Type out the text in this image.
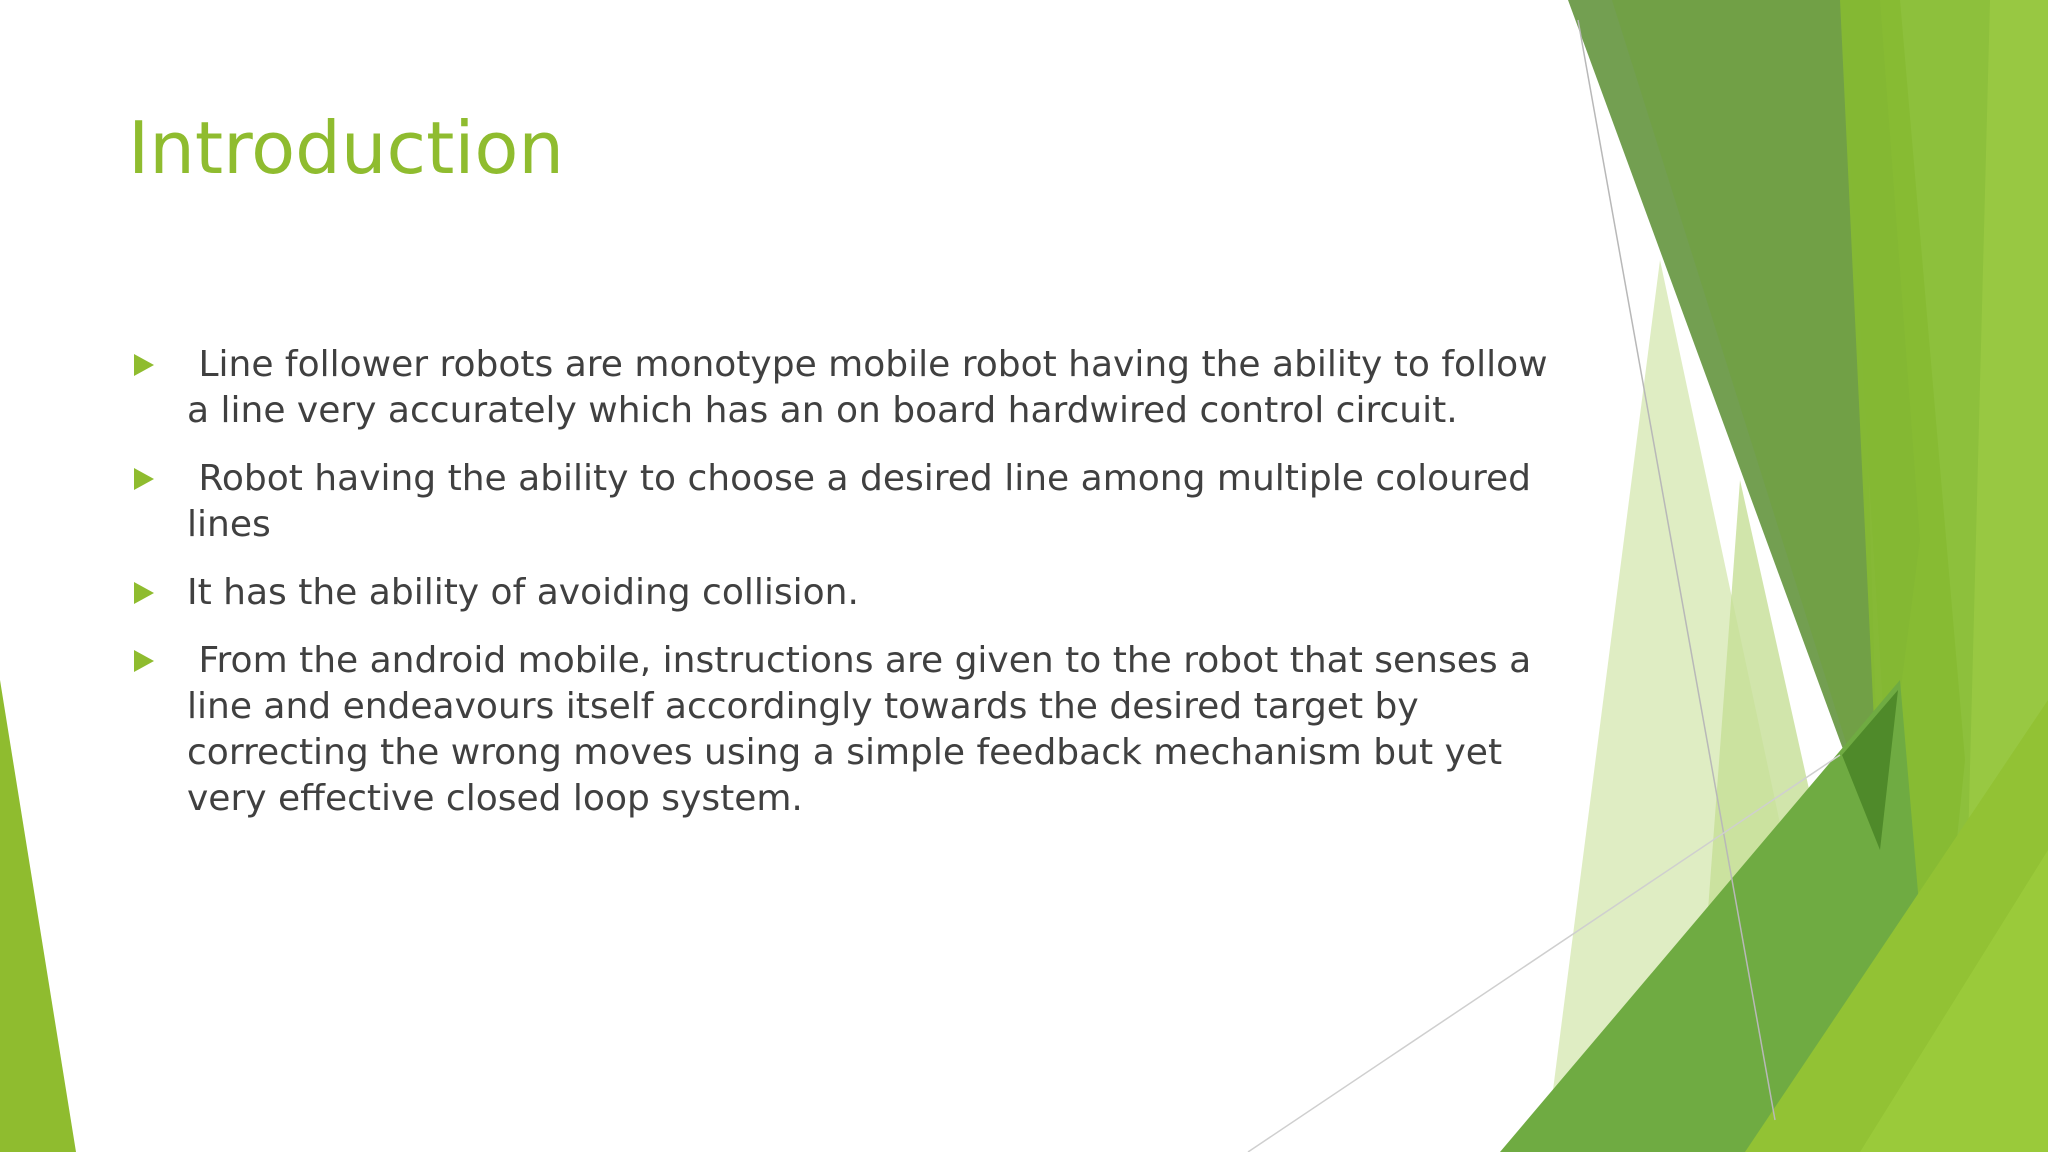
Introduction
Line follower robots are monotype mobile robot having the ability to follow a line very accurately which has an on board hardwired control circuit.
Robot having the ability to choose a desired line among multiple coloured lines
It has the ability of avoiding collision.
From the android mobile, instructions are given to the robot that senses a line and endeavours itself accordingly towards the desired target by correcting the wrong moves using a simple feedback mechanism but yet very effective closed loop system.
